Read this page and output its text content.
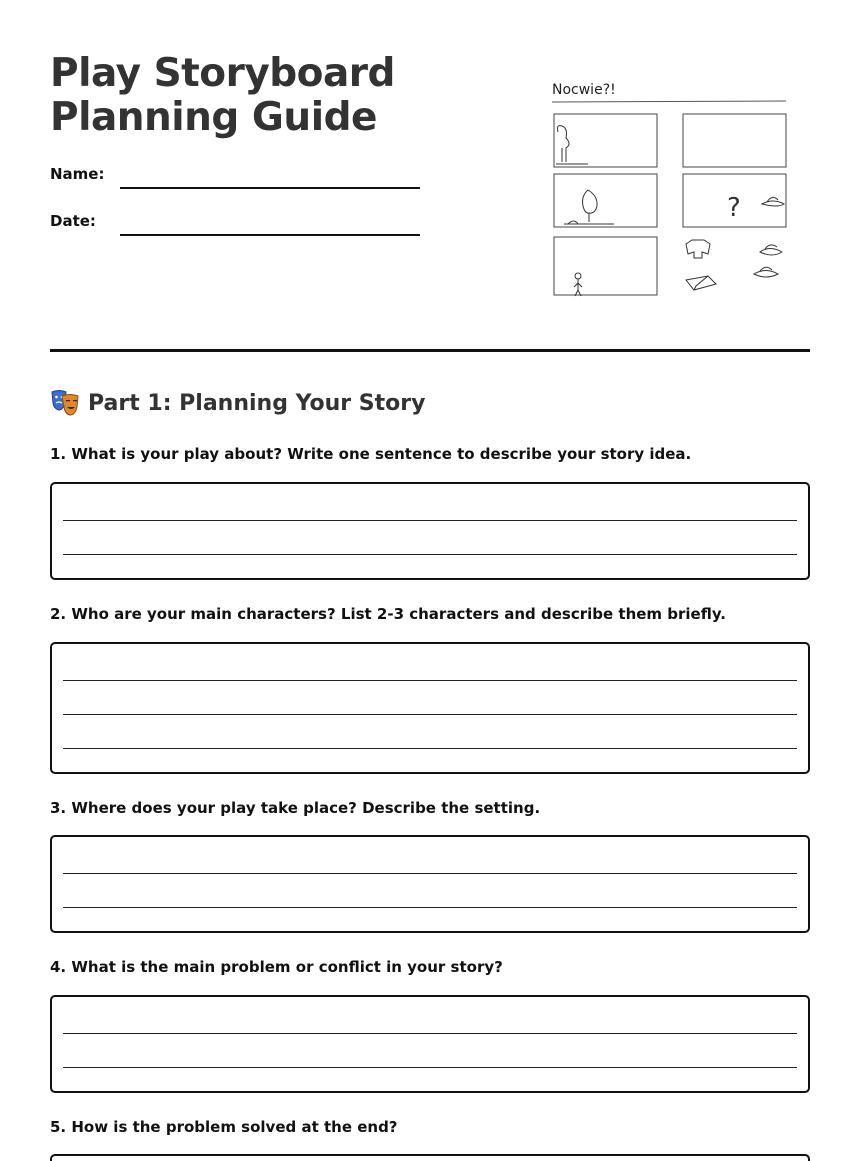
Play Storyboard
Planning Guide
Name:
Date:
Nocwie?!
?
Part 1: Planning Your Story
1. What is your play about? Write one sentence to describe your story idea.
2. Who are your main characters? List 2-3 characters and describe them briefly.
3. Where does your play take place? Describe the setting.
4. What is the main problem or conflict in your story?
5. How is the problem solved at the end?
